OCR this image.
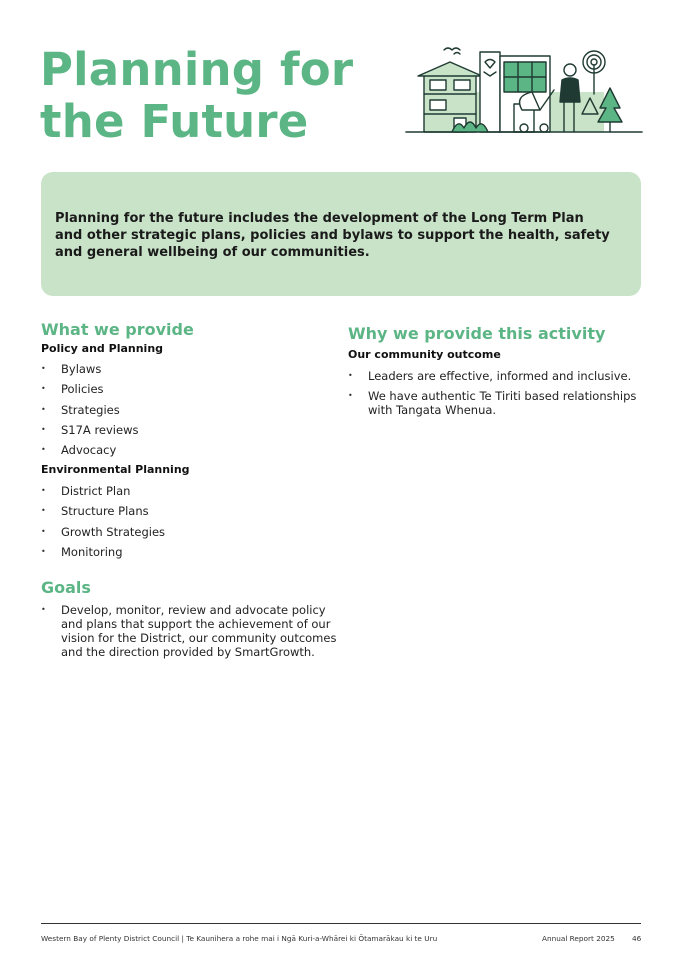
Planning for
the Future

Planning for the future includes the development of the Long Term Plan and other strategic plans, policies and bylaws to support the health, safety and general wellbeing of our communities.

What we provide
Policy and Planning
• Bylaws
• Policies
• Strategies
• S17A reviews
• Advocacy
Environmental Planning
• District Plan
• Structure Plans
• Growth Strategies
• Monitoring
Goals
• Develop, monitor, review and advocate policy and plans that support the achievement of our vision for the District, our community outcomes and the direction provided by SmartGrowth.
Why we provide this activity
Our community outcome
• Leaders are effective, informed and inclusive.
• We have authentic Te Tiriti based relationships with Tangata Whenua.
Western Bay of Plenty District Council | Te Kaunihera a rohe mai i Ngā Kuri-a-Whārei ki Ōtamarākau ki te Uru	Annual Report 2025 46
